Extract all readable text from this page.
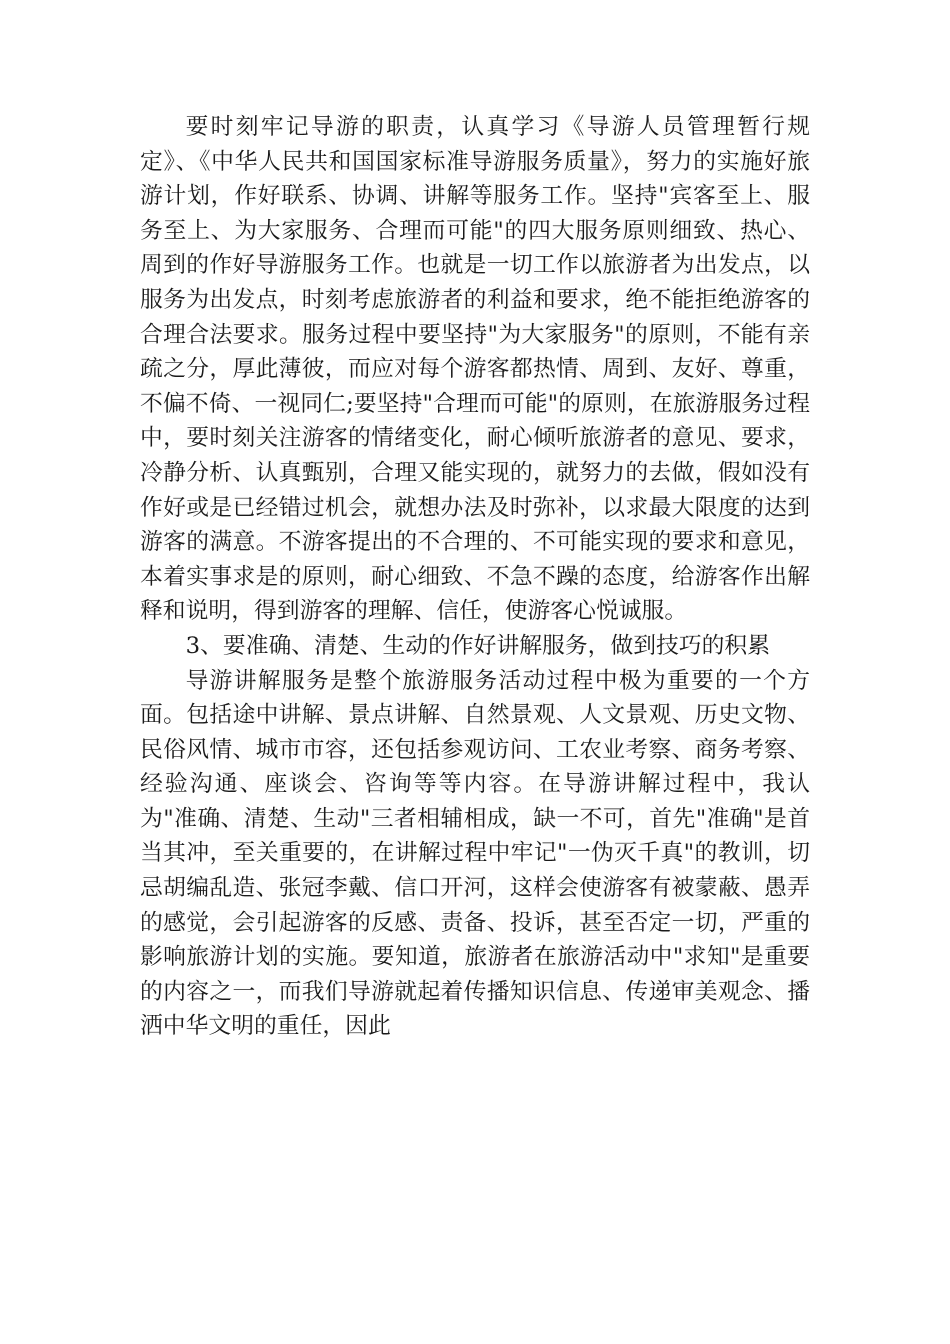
要时刻牢记导游的职责，认真学习《导游人员管理暂行规定》、《中华人民共和国国家标准导游服务质量》，努力的实施好旅游计划，作好联系、协调、讲解等服务工作。坚持"宾客至上、服务至上、为大家服务、合理而可能"的四大服务原则细致、热心、周到的作好导游服务工作。也就是一切工作以旅游者为出发点，以服务为出发点，时刻考虑旅游者的利益和要求，绝不能拒绝游客的合理合法要求。服务过程中要坚持"为大家服务"的原则，不能有亲疏之分，厚此薄彼，而应对每个游客都热情、周到、友好、尊重，不偏不倚、一视同仁;要坚持"合理而可能"的原则，在旅游服务过程中，要时刻关注游客的情绪变化，耐心倾听旅游者的意见、要求，冷静分析、认真甄别，合理又能实现的，就努力的去做，假如没有作好或是已经错过机会，就想办法及时弥补，以求最大限度的达到游客的满意。不游客提出的不合理的、不可能实现的要求和意见，本着实事求是的原则，耐心细致、不急不躁的态度，给游客作出解释和说明，得到游客的理解、信任，使游客心悦诚服。

3、要准确、清楚、生动的作好讲解服务，做到技巧的积累

导游讲解服务是整个旅游服务活动过程中极为重要的一个方面。包括途中讲解、景点讲解、自然景观、人文景观、历史文物、民俗风情、城市市容，还包括参观访问、工农业考察、商务考察、经验沟通、座谈会、咨询等等内容。在导游讲解过程中，我认为"准确、清楚、生动"三者相辅相成，缺一不可，首先"准确"是首当其冲，至关重要的，在讲解过程中牢记"一伪灭千真"的教训，切忌胡编乱造、张冠李戴、信口开河，这样会使游客有被蒙蔽、愚弄的感觉，会引起游客的反感、责备、投诉，甚至否定一切，严重的影响旅游计划的实施。要知道，旅游者在旅游活动中"求知"是重要的内容之一，而我们导游就起着传播知识信息、传递审美观念、播洒中华文明的重任，因此
